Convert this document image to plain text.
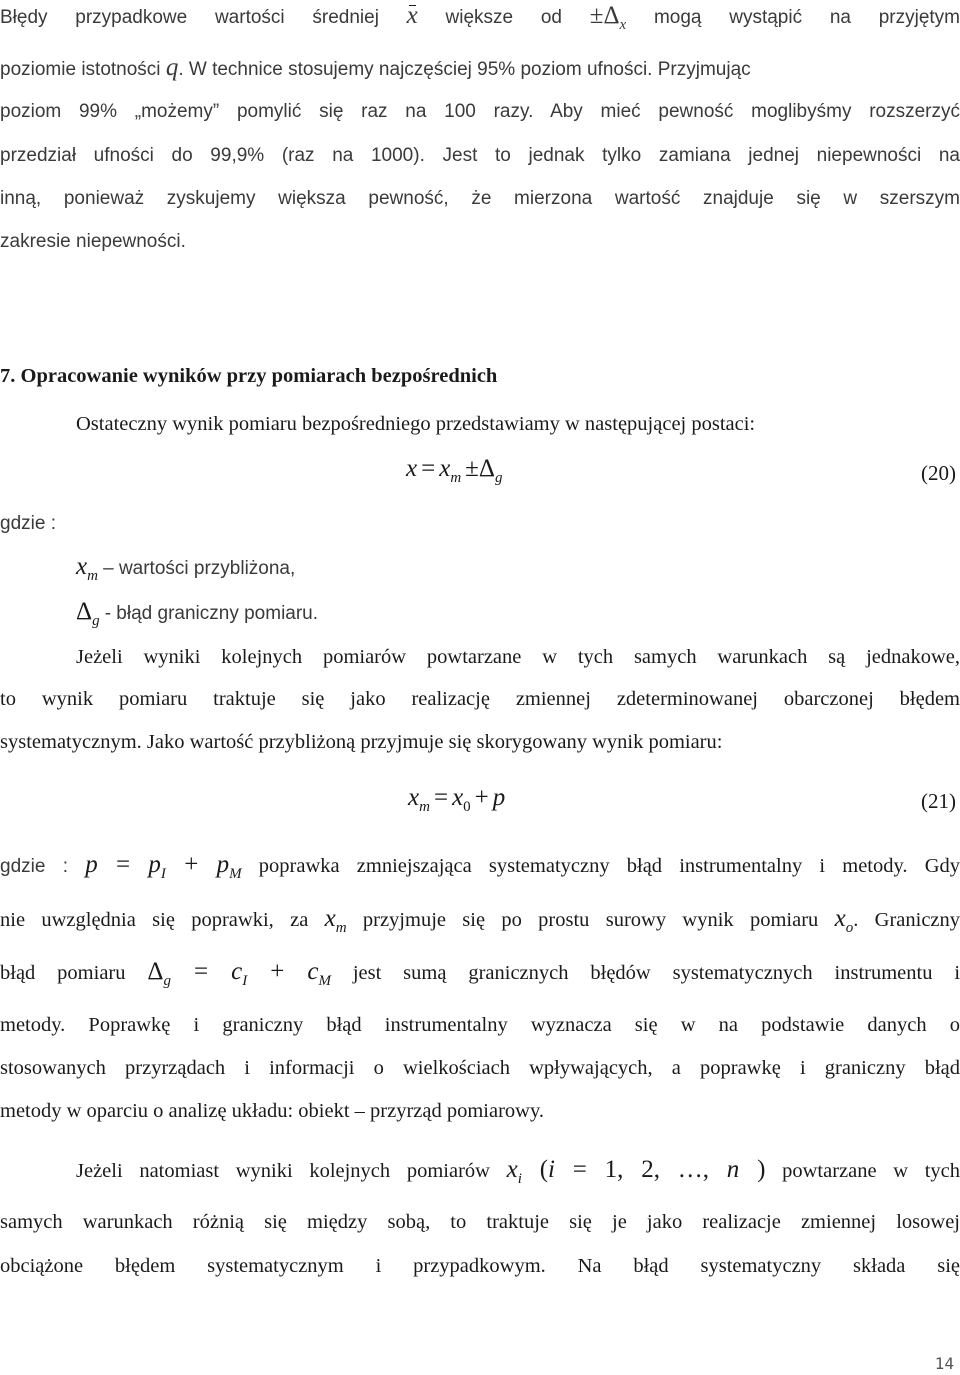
Błędy przypadkowe wartości średniej x większe od $\pm\Delta_x$ mogą wystąpić na przyjętym
poziomie istotności q. W technice stosujemy najczęściej 95% poziom ufności. Przyjmując
poziom 99% „możemy” pomylić się raz na 100 razy. Aby mieć pewność moglibyśmy rozszerzyć
przedział ufności do 99,9% (raz na 1000). Jest to jednak tylko zamiana jednej niepewności na
inną, ponieważ zyskujemy większa pewność, że mierzona wartość znajduje się w szerszym
zakresie niepewności.
7. Opracowanie wyników przy pomiarach bezpośrednich
Ostateczny wynik pomiaru bezpośredniego przedstawiamy w następującej postaci:
x = xm ±Δg	(20)
gdzie :
$x_m$ – wartości przybliżona,
$\Delta_g$ - błąd graniczny pomiaru.
Jeżeli wyniki kolejnych pomiarów powtarzane w tych samych warunkach są jednakowe,
to wynik pomiaru traktuje się jako realizację zmiennej zdeterminowanej obarczonej błędem
systematycznym. Jako wartość przybliżoną przyjmuje się skorygowany wynik pomiaru:
xm = x0 + p	(21)
gdzie : $p = p_I + p_M$ poprawka zmniejszająca systematyczny błąd instrumentalny i metody. Gdy
nie uwzględnia się poprawki, za $x_m$ przyjmuje się po prostu surowy wynik pomiaru $x_o$. Graniczny
błąd pomiaru $\Delta_g = c_I + c_M$ jest sumą granicznych błędów systematycznych instrumentu i
metody. Poprawkę i graniczny błąd instrumentalny wyznacza się w na podstawie danych o
stosowanych przyrządach i informacji o wielkościach wpływających, a poprawkę i graniczny błąd
metody w oparciu o analizę układu: obiekt – przyrząd pomiarowy.
Jeżeli natomiast wyniki kolejnych pomiarów $x_i$ (i = 1, 2, …, n ) powtarzane w tych
samych warunkach różnią się między sobą, to traktuje się je jako realizacje zmiennej losowej
obciążone błędem systematycznym i przypadkowym. Na błąd systematyczny składa się
14
